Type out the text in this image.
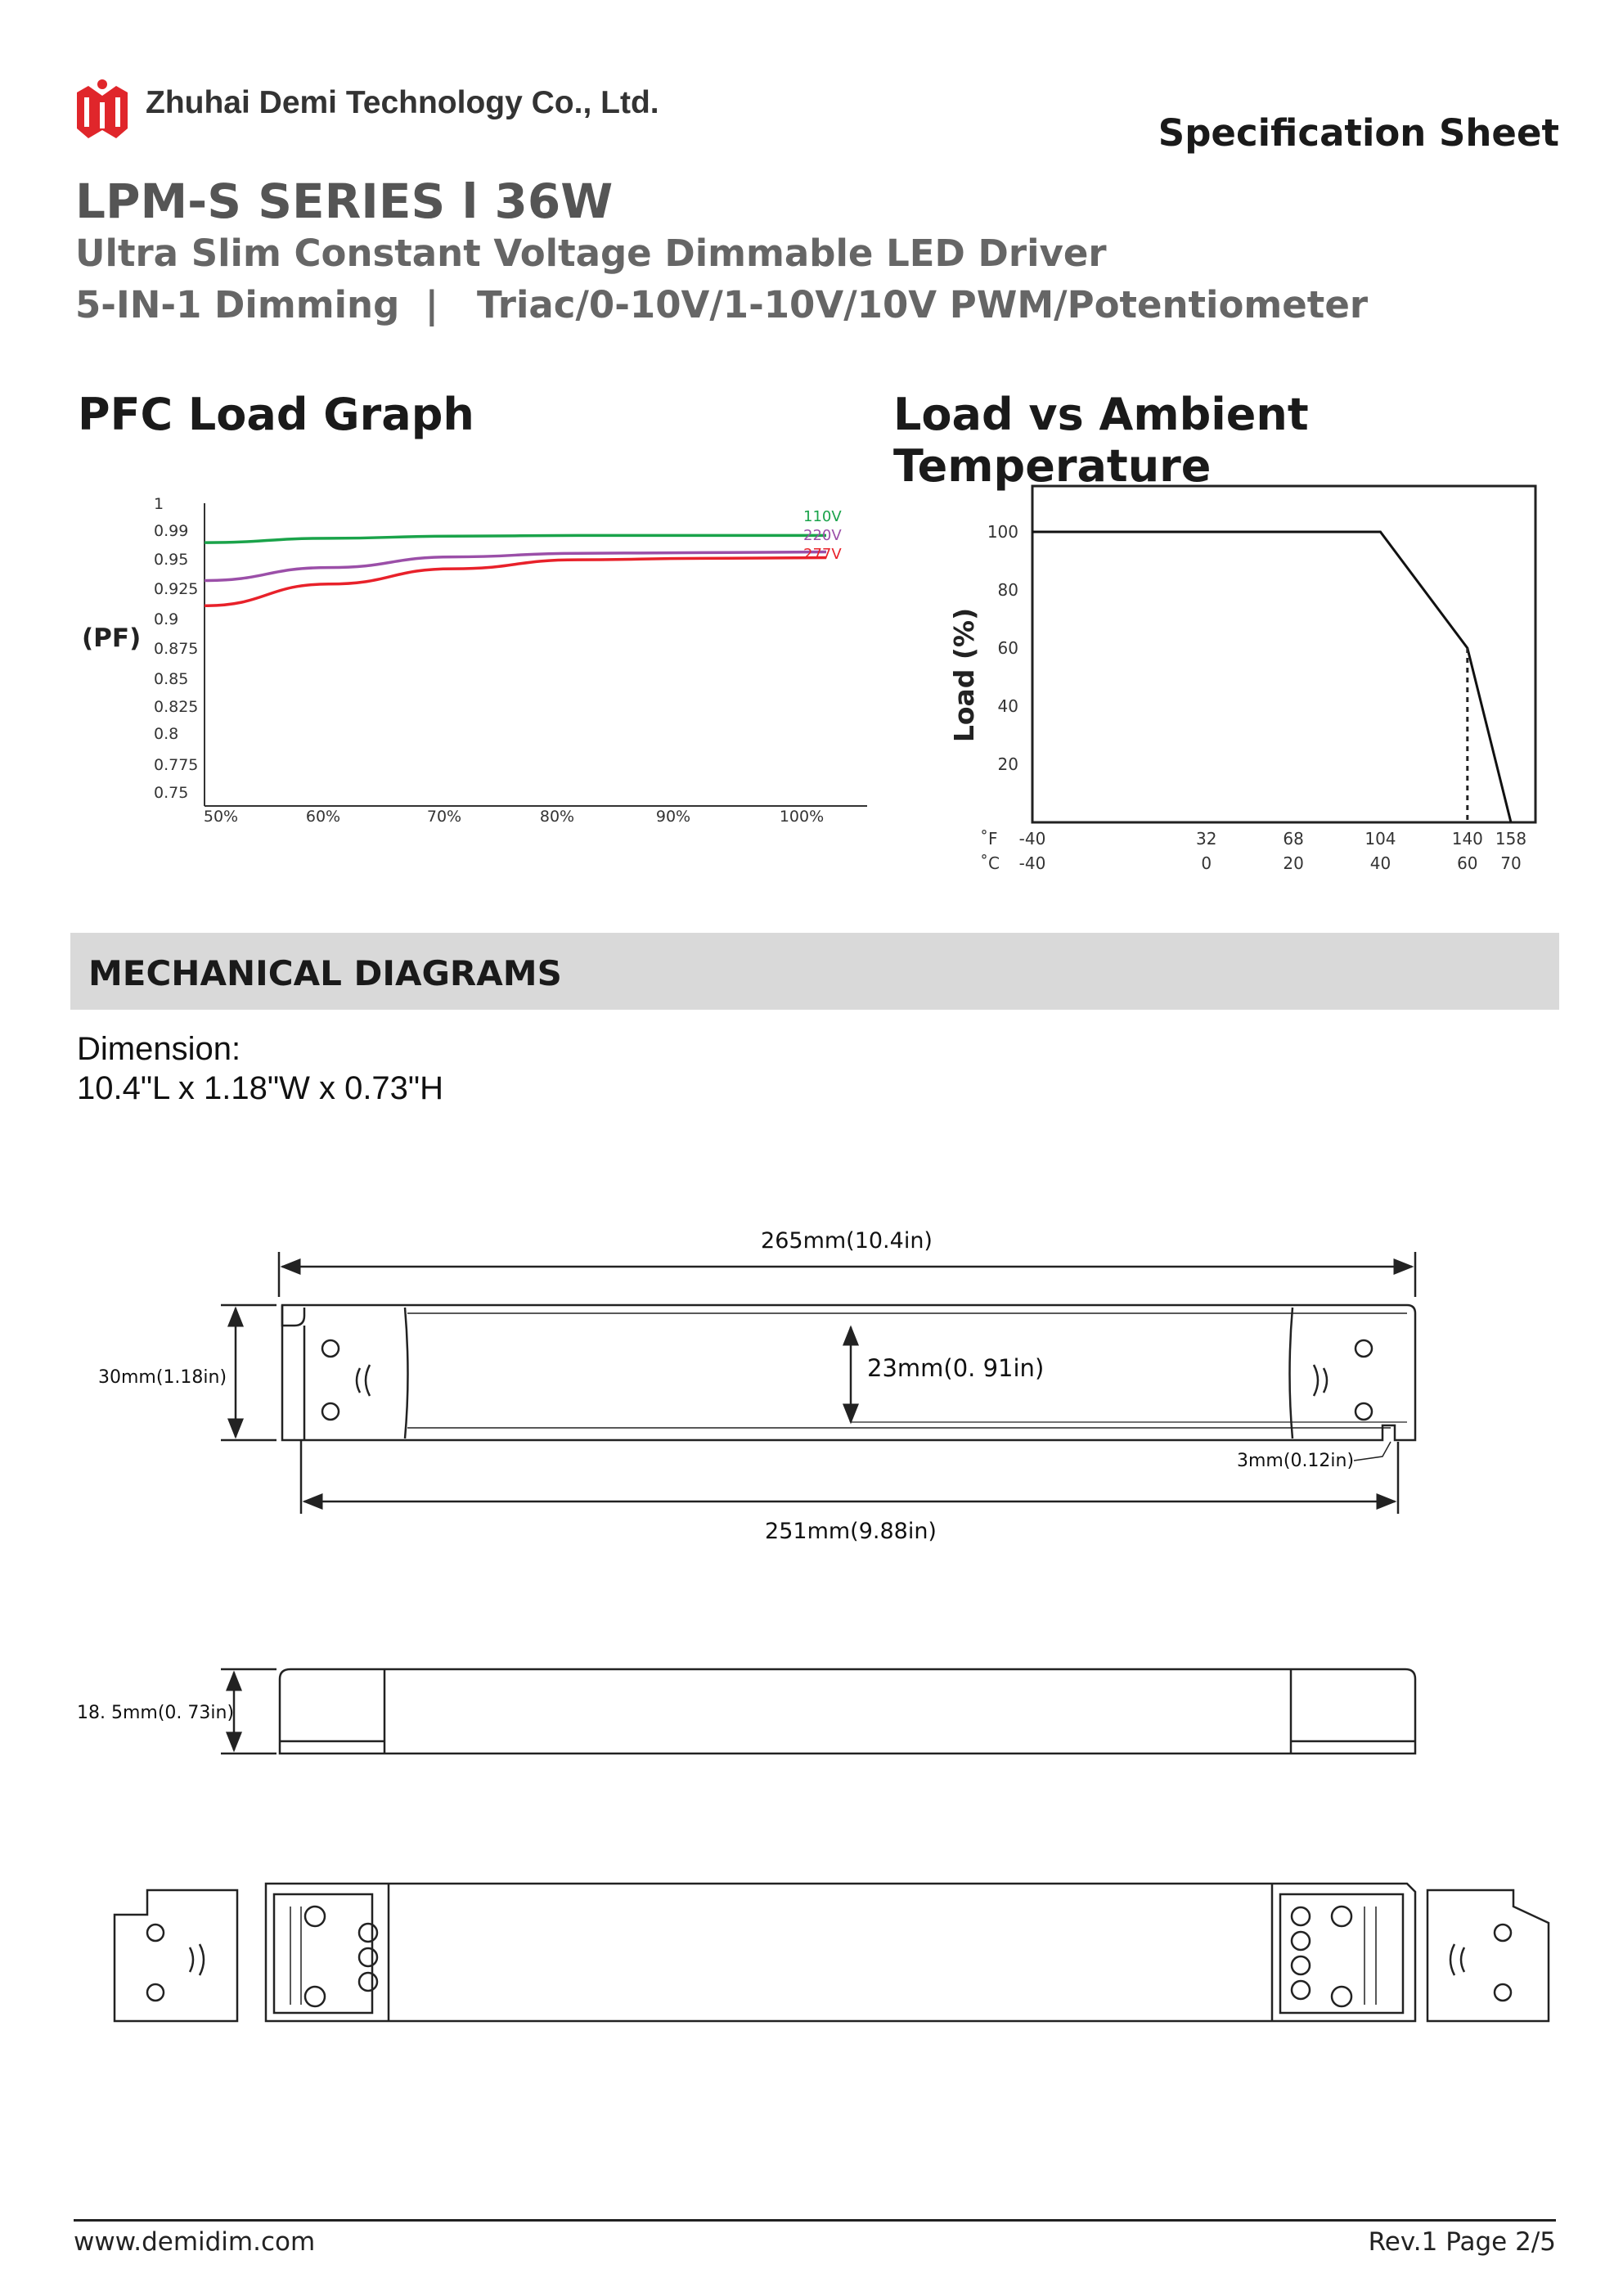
Zhuhai Demi Technology Co., Ltd.
Specification Sheet
LPM-S SERIES l 36W
Ultra Slim Constant Voltage Dimmable LED Driver
5-IN-1 Dimming  |   Triac/0-10V/1-10V/10V PWM/Potentiometer
PFC Load Graph	Load vs Ambient Temperature
1
0.99
0.95
0.925
0.9
0.875
0.85
0.825
0.8
0.775
0.75
50%	60%	70%	80%	90%	100%
(PF)
110V
220V
277V
100
80
60
40
20
Load (%)
˚F
˚C
-40
-40
32
0
68
20
104
40
140
60
158
70
MECHANICAL DIAGRAMS
Dimension:
10.4"L x 1.18"W x 0.73"H
265mm(10.4in)
30mm(1.18in)	23mm(0. 91in)
3mm(0.12in)
251mm(9.88in)
18. 5mm(0. 73in)
www.demidim.com	Rev.1 Page 2/5
